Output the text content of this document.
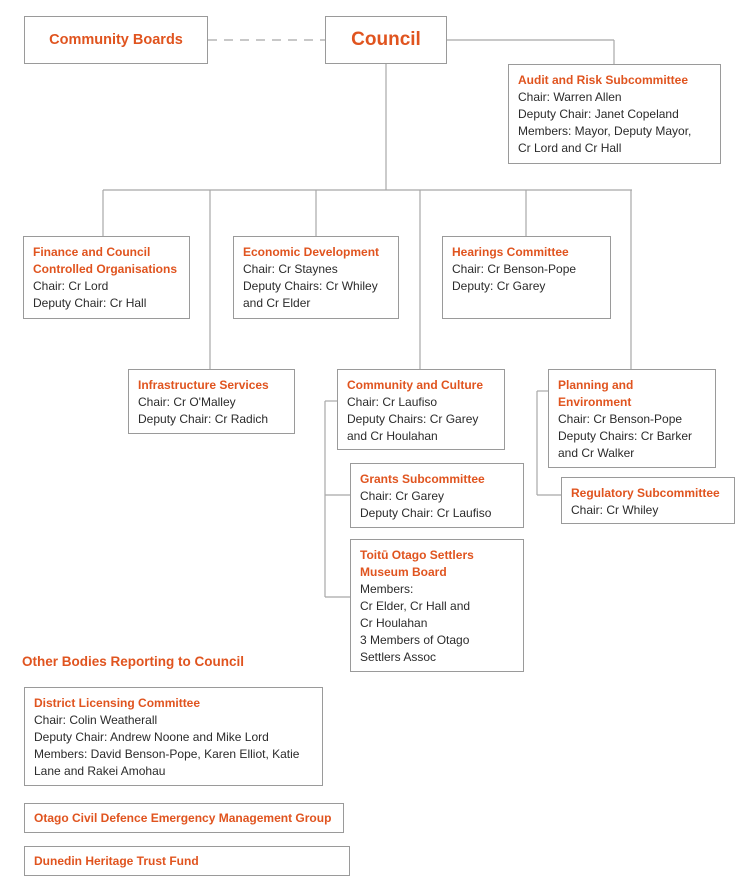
Community Boards	Council
Audit and Risk Subcommittee
Chair: Warren Allen
Deputy Chair: Janet Copeland
Members: Mayor, Deputy Mayor,
Cr Lord and Cr Hall
Finance and Council Controlled Organisations
Chair: Cr Lord
Deputy Chair: Cr Hall
Economic Development
Chair: Cr Staynes
Deputy Chairs: Cr Whiley
and Cr Elder
Hearings Committee
Chair: Cr Benson-Pope
Deputy: Cr Garey
Infrastructure Services
Chair: Cr O'Malley
Deputy Chair: Cr Radich
Community and Culture
Chair: Cr Laufiso
Deputy Chairs: Cr Garey
and Cr Houlahan
Planning and Environment
Chair: Cr Benson-Pope
Deputy Chairs: Cr Barker
and Cr Walker
Grants Subcommittee
Chair: Cr Garey
Deputy Chair: Cr Laufiso
Regulatory Subcommittee
Chair: Cr Whiley
Toitū Otago Settlers Museum Board
Members:
Cr Elder, Cr Hall and
Cr Houlahan
3 Members of Otago
Settlers Assoc
Other Bodies Reporting to Council
District Licensing Committee
Chair: Colin Weatherall
Deputy Chair: Andrew Noone and Mike Lord
Members: David Benson-Pope, Karen Elliot, Katie
Lane and Rakei Amohau
Otago Civil Defence Emergency Management Group
Dunedin Heritage Trust Fund
